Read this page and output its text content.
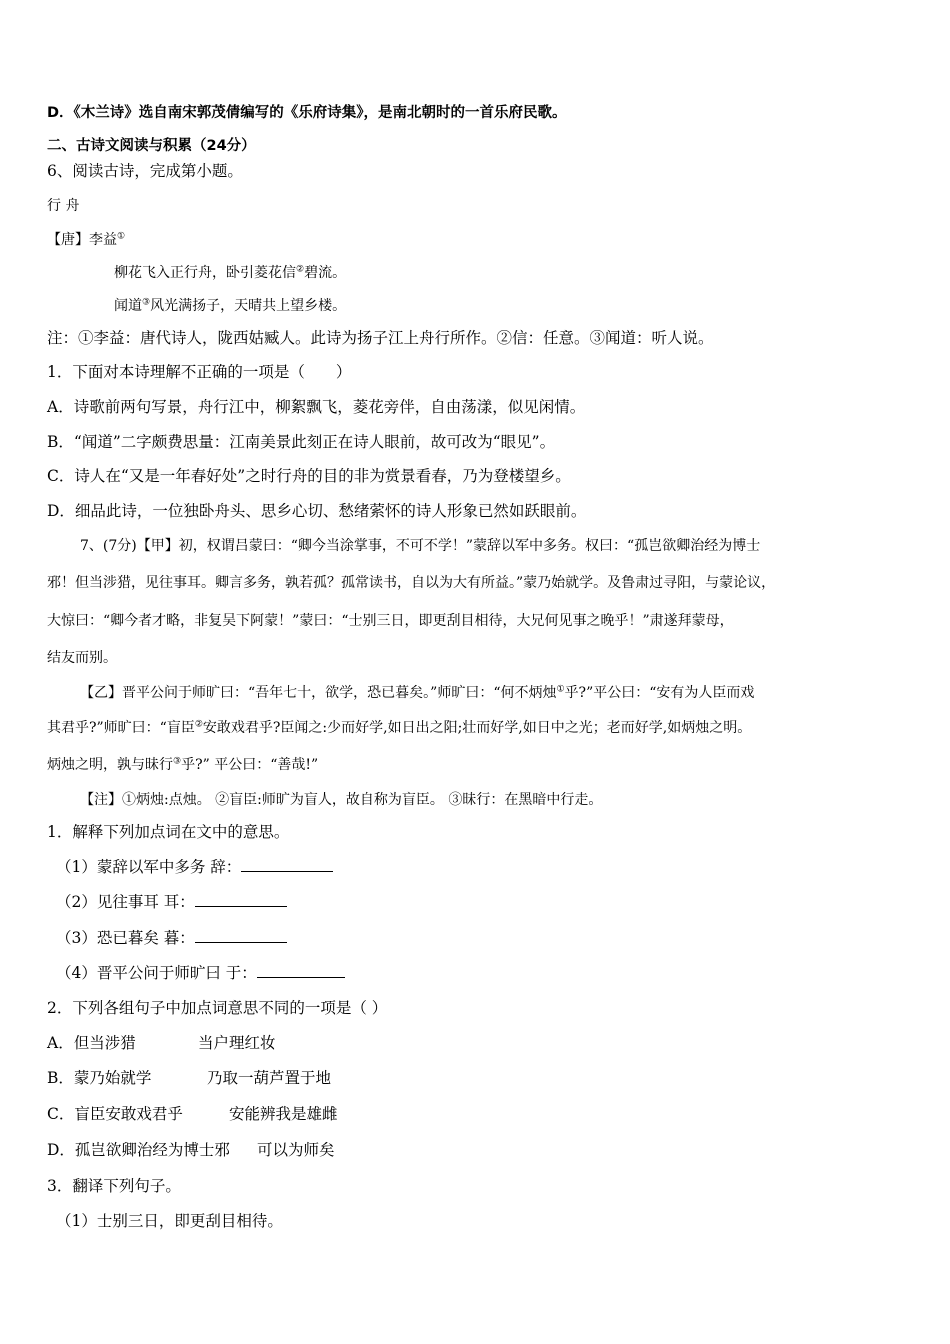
D．《木兰诗》选自南宋郭茂倩编写的《乐府诗集》，是南北朝时的一首乐府民歌。
二、古诗文阅读与积累（24分）
6、阅读古诗，完成第小题。
行 舟
【唐】李益①
柳花飞入正行舟，卧引菱花信②碧流。
闻道③风光满扬子，天晴共上望乡楼。
注：①李益：唐代诗人，陇西姑臧人。此诗为扬子江上舟行所作。②信：任意。③闻道：听人说。
1．下面对本诗理解不正确的一项是（　　）
A．诗歌前两句写景，舟行江中，柳絮飘飞，菱花旁伴，自由荡漾，似见闲情。
B．“闻道”二字颇费思量：江南美景此刻正在诗人眼前，故可改为“眼见”。
C．诗人在“又是一年春好处”之时行舟的目的非为赏景看春，乃为登楼望乡。
D．细品此诗，一位独卧舟头、思乡心切、愁绪萦怀的诗人形象已然如跃眼前。
7、(7分)【甲】初，权谓吕蒙曰：“卿今当涂掌事，不可不学！”蒙辞以军中多务。权曰：“孤岂欲卿治经为博士
邪！但当涉猎，见往事耳。卿言多务，孰若孤？孤常读书，自以为大有所益。”蒙乃始就学。及鲁肃过寻阳，与蒙论议，
大惊曰：“卿今者才略，非复吴下阿蒙！”蒙曰：“士别三日，即更刮目相待，大兄何见事之晚乎！”肃遂拜蒙母，
结友而别。
【乙】晋平公问于师旷曰：“吾年七十，欲学，恐已暮矣。”师旷曰：“何不炳烛①乎?”平公曰：“安有为人臣而戏
其君乎?”师旷曰：“盲臣②安敢戏君乎?臣闻之:少而好学,如日出之阳;壮而好学,如日中之光；老而好学,如炳烛之明。
炳烛之明，孰与昧行③乎?” 平公曰：“善哉!”
【注】①炳烛:点烛。 ②盲臣:师旷为盲人，故自称为盲臣。 ③昧行：在黑暗中行走。
1．解释下列加点词在文中的意思。
（1）蒙辞以军中多务 辞：
（2）见往事耳 耳：
（3）恐已暮矣 暮：
（4）晋平公问于师旷曰 于：
2．下列各组句子中加点词意思不同的一项是（ ）
A．但当涉猎	当户理红妆
B．蒙乃始就学	乃取一葫芦置于地
C．盲臣安敢戏君乎	安能辨我是雄雌
D．孤岂欲卿治经为博士邪 可以为师矣
3．翻译下列句子。
（1）士别三日，即更刮目相待。
